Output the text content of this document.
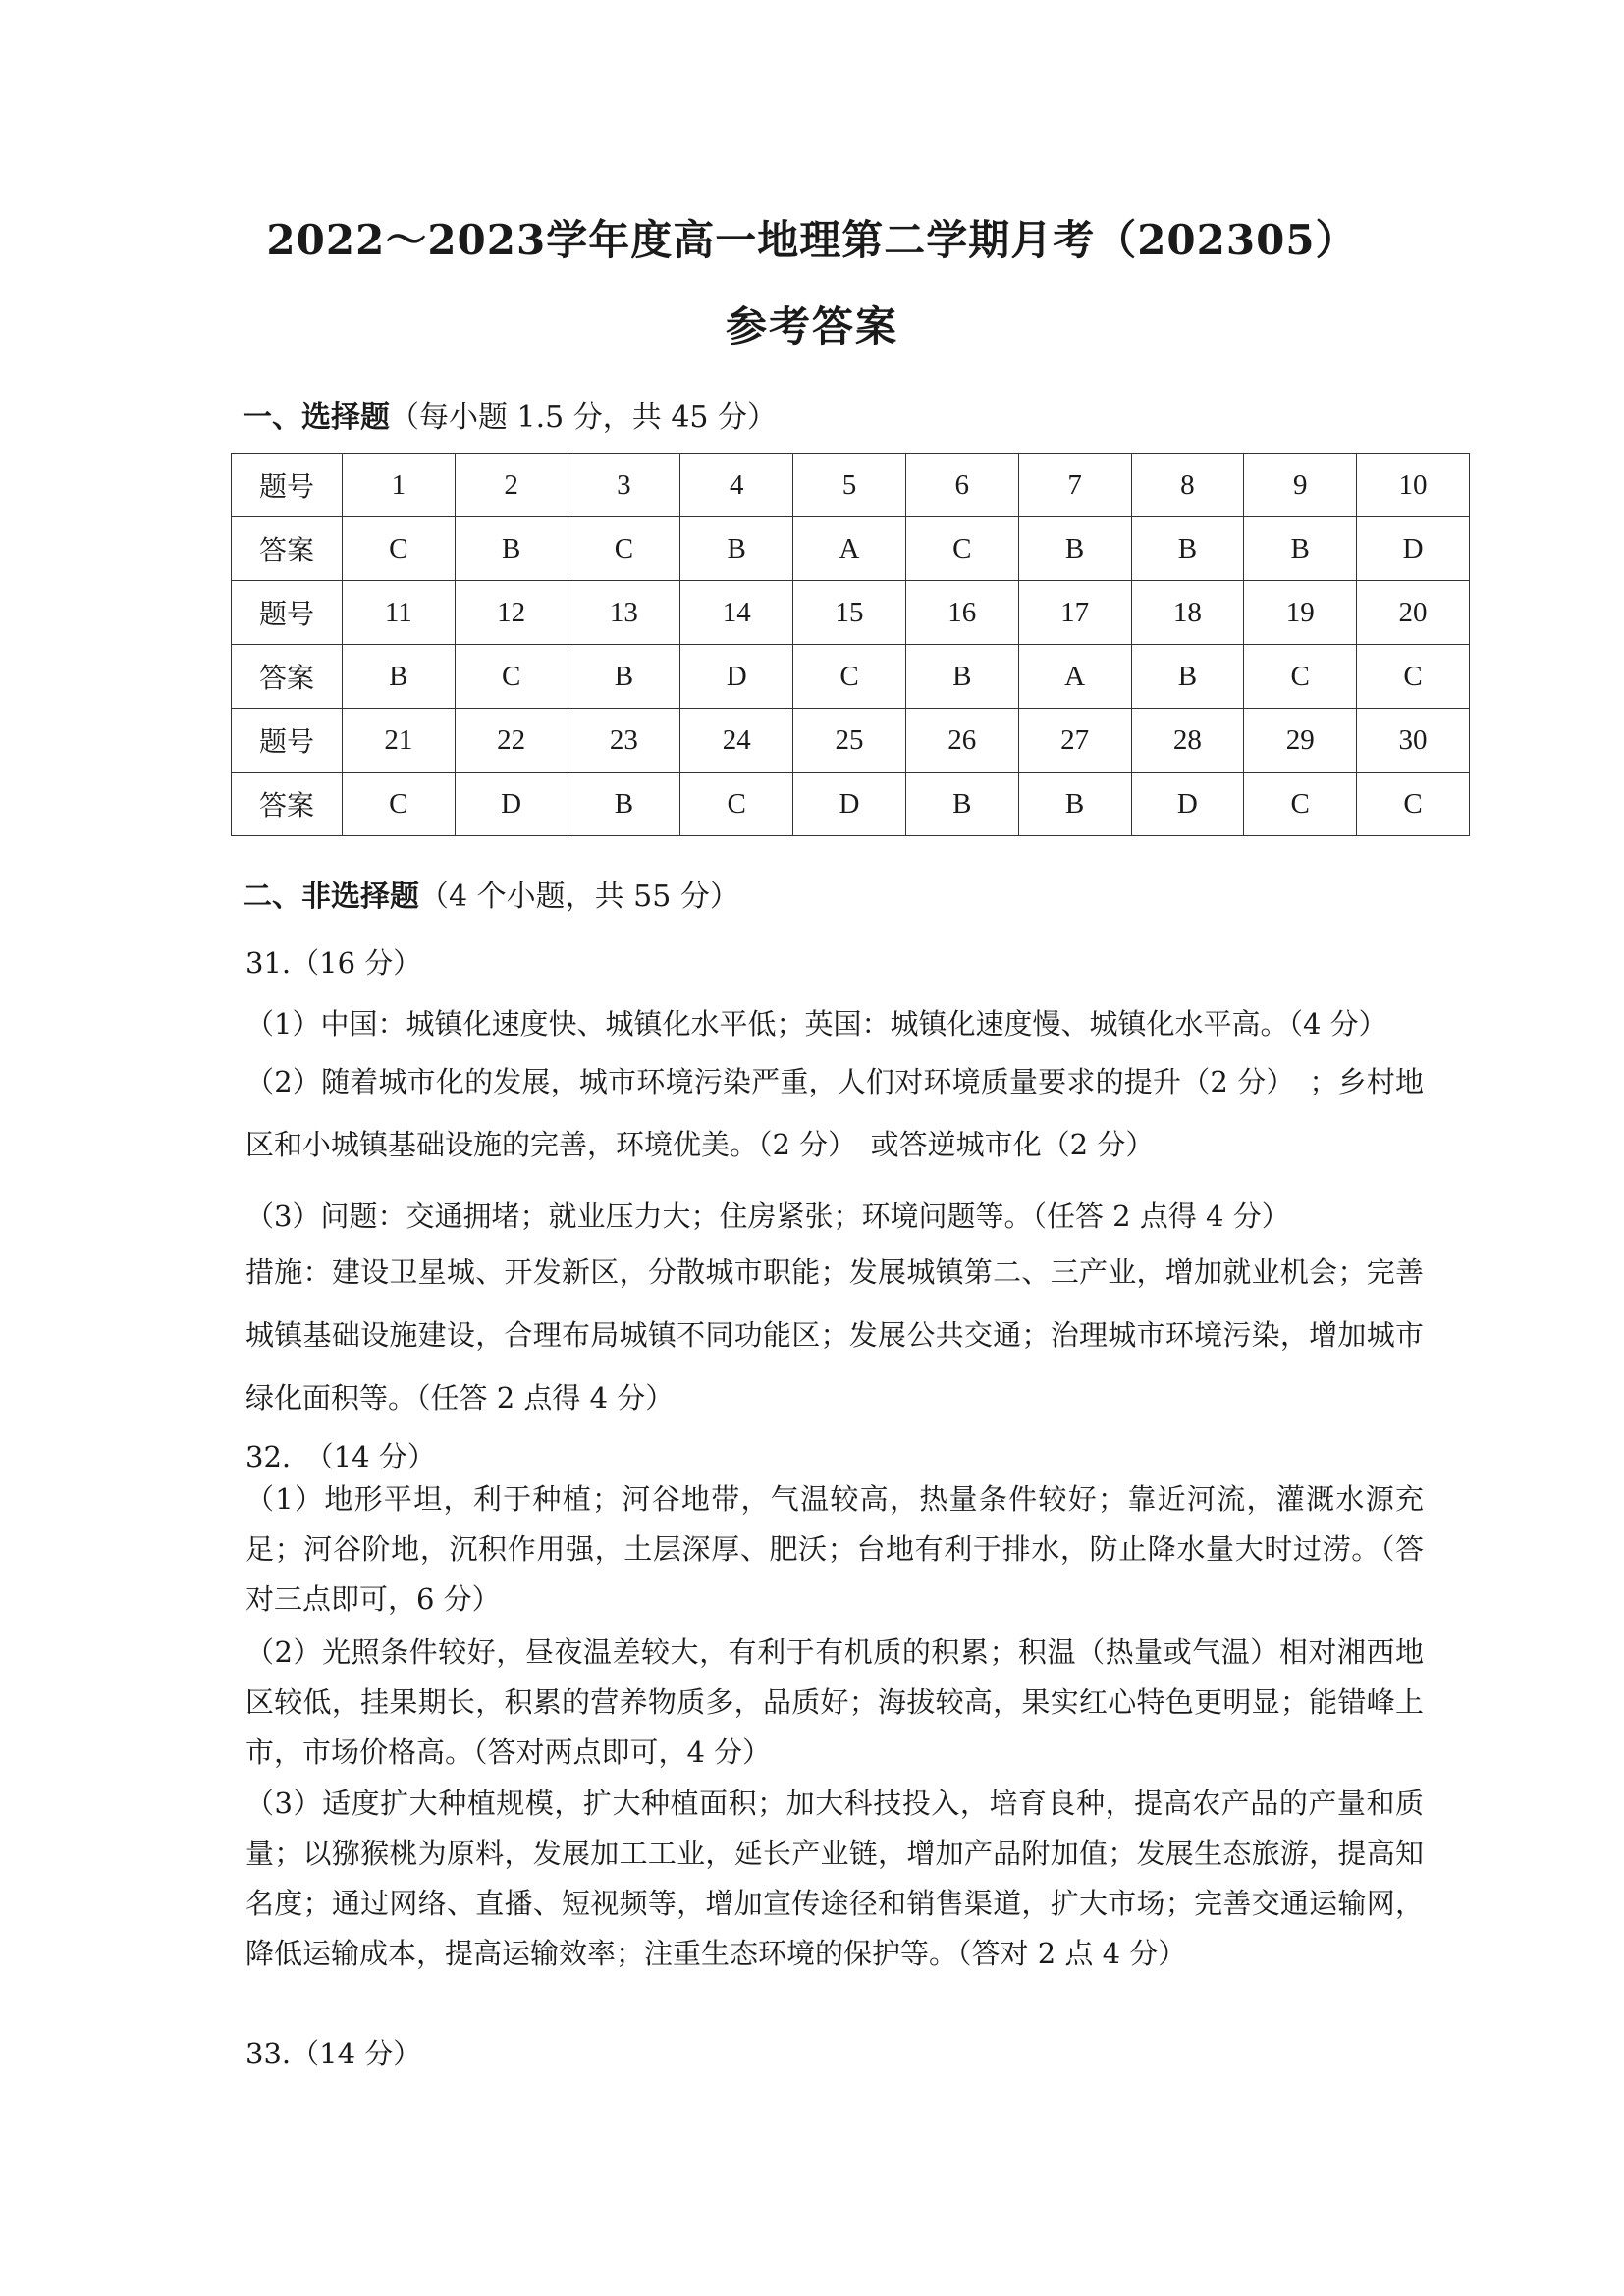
2022～2023学年度高一地理第二学期月考（202305）
参考答案
一、选择题（每小题 1.5 分，共 45 分）
题号	1	2	3	4	5	6	7	8	9	10
答案	C	B	C	B	A	C	B	B	B	D
题号	11	12	13	14	15	16	17	18	19	20
答案	B	C	B	D	C	B	A	B	C	C
题号	21	22	23	24	25	26	27	28	29	30
答案	C	D	B	C	D	B	B	D	C	C
二、非选择题（4 个小题，共 55 分）
31.（16 分）
（1）中国：城镇化速度快、城镇化水平低；英国：城镇化速度慢、城镇化水平高。（4 分）
（2）随着城市化的发展，城市环境污染严重，人们对环境质量要求的提升（2 分）　；乡村地区和小城镇基础设施的完善，环境优美。（2 分）　或答逆城市化（2 分）
（3）问题：交通拥堵；就业压力大；住房紧张；环境问题等。（任答 2 点得 4 分）
措施：建设卫星城、开发新区，分散城市职能；发展城镇第二、三产业，增加就业机会；完善城镇基础设施建设，合理布局城镇不同功能区；发展公共交通；治理城市环境污染，增加城市绿化面积等。（任答 2 点得 4 分）
32.　（14 分）
（1）地形平坦，利于种植；河谷地带，气温较高，热量条件较好；靠近河流，灌溉水源充足；河谷阶地，沉积作用强，土层深厚、肥沃；台地有利于排水，防止降水量大时过涝。（答对三点即可，6 分）
（2）光照条件较好，昼夜温差较大，有利于有机质的积累；积温（热量或气温）相对湘西地区较低，挂果期长，积累的营养物质多，品质好；海拔较高，果实红心特色更明显；能错峰上市，市场价格高。（答对两点即可，4 分）
（3）适度扩大种植规模，扩大种植面积；加大科技投入，培育良种，提高农产品的产量和质量；以猕猴桃为原料，发展加工工业，延长产业链，增加产品附加值；发展生态旅游，提高知名度；通过网络、直播、短视频等，增加宣传途径和销售渠道，扩大市场；完善交通运输网，降低运输成本，提高运输效率；注重生态环境的保护等。（答对 2 点 4 分）
33.（14 分）
